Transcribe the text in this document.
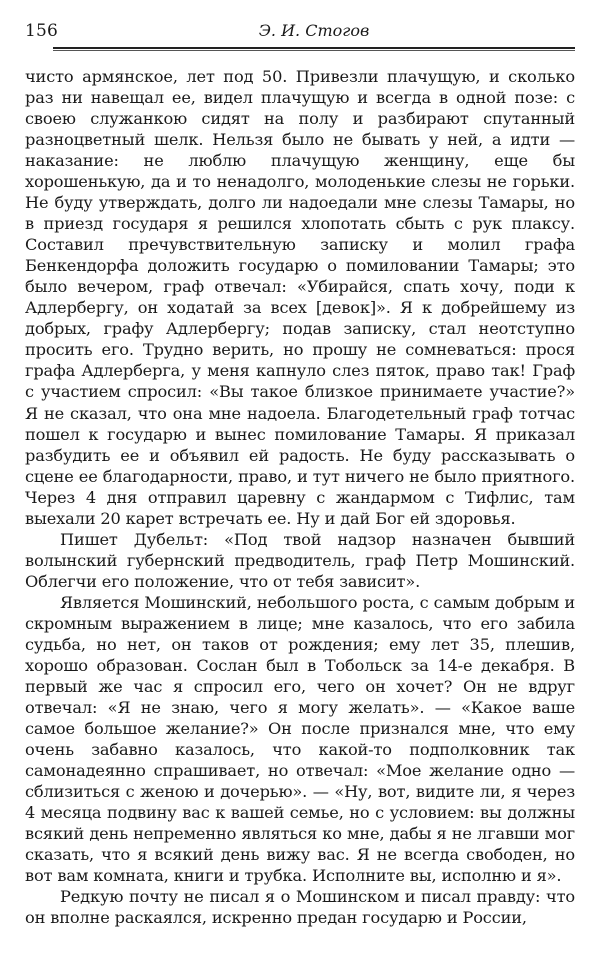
156	Э. И. Стогов

чисто армянское, лет под 50. Привезли плачущую, и сколько раз ни навещал ее, видел плачущую и всегда в одной позе: с своею служанкою сидят на полу и разбирают спутанный разноцветный шелк. Нельзя было не бывать у ней, а идти — наказание: не люблю плачущую женщину, еще бы хорошенькую, да и то ненадолго, молоденькие слезы не горьки. Не буду утверждать, долго ли надоедали мне слезы Тамары, но в приезд государя я решился хлопотать сбыть с рук плаксу. Составил пречувствительную записку и молил графа Бенкендорфа доложить государю о помиловании Тамары; это было вечером, граф отвечал: «Убирайся, спать хочу, поди к Адлербергу, он ходатай за всех [девок]». Я к добрейшему из добрых, графу Адлербергу; подав записку, стал неотступно просить его. Трудно верить, но прошу не сомневаться: прося графа Адлерберга, у меня капнуло слез пяток, право так! Граф с участием спросил: «Вы такое близкое принимаете участие?» Я не сказал, что она мне надоела. Благодетельный граф тотчас пошел к государю и вынес помилование Тамары. Я приказал разбудить ее и объявил ей радость. Не буду рассказывать о сцене ее благодарности, право, и тут ничего не было приятного. Через 4 дня отправил царевну с жандармом с Тифлис, там выехали 20 карет встречать ее. Ну и дай Бог ей здоровья.

Пишет Дубельт: «Под твой надзор назначен бывший волынский губернский предводитель, граф Петр Мошинский. Облегчи его положение, что от тебя зависит».

Является Мошинский, небольшого роста, с самым добрым и скромным выражением в лице; мне казалось, что его забила судьба, но нет, он таков от рождения; ему лет 35, плешив, хорошо образован. Сослан был в Тобольск за 14-е декабря. В первый же час я спросил его, чего он хочет? Он не вдруг отвечал: «Я не знаю, чего я могу желать». — «Какое ваше самое большое желание?» Он после признался мне, что ему очень забавно казалось, что какой-то подполковник так самонадеянно спрашивает, но отвечал: «Мое желание одно — сблизиться с женою и дочерью». — «Ну, вот, видите ли, я через 4 месяца подвину вас к вашей семье, но с условием: вы должны всякий день непременно являться ко мне, дабы я не лгавши мог сказать, что я всякий день вижу вас. Я не всегда свободен, но вот вам комната, книги и трубка. Исполните вы, исполню и я».

Редкую почту не писал я о Мошинском и писал правду: что он вполне раскаялся, искренно предан государю и России,
